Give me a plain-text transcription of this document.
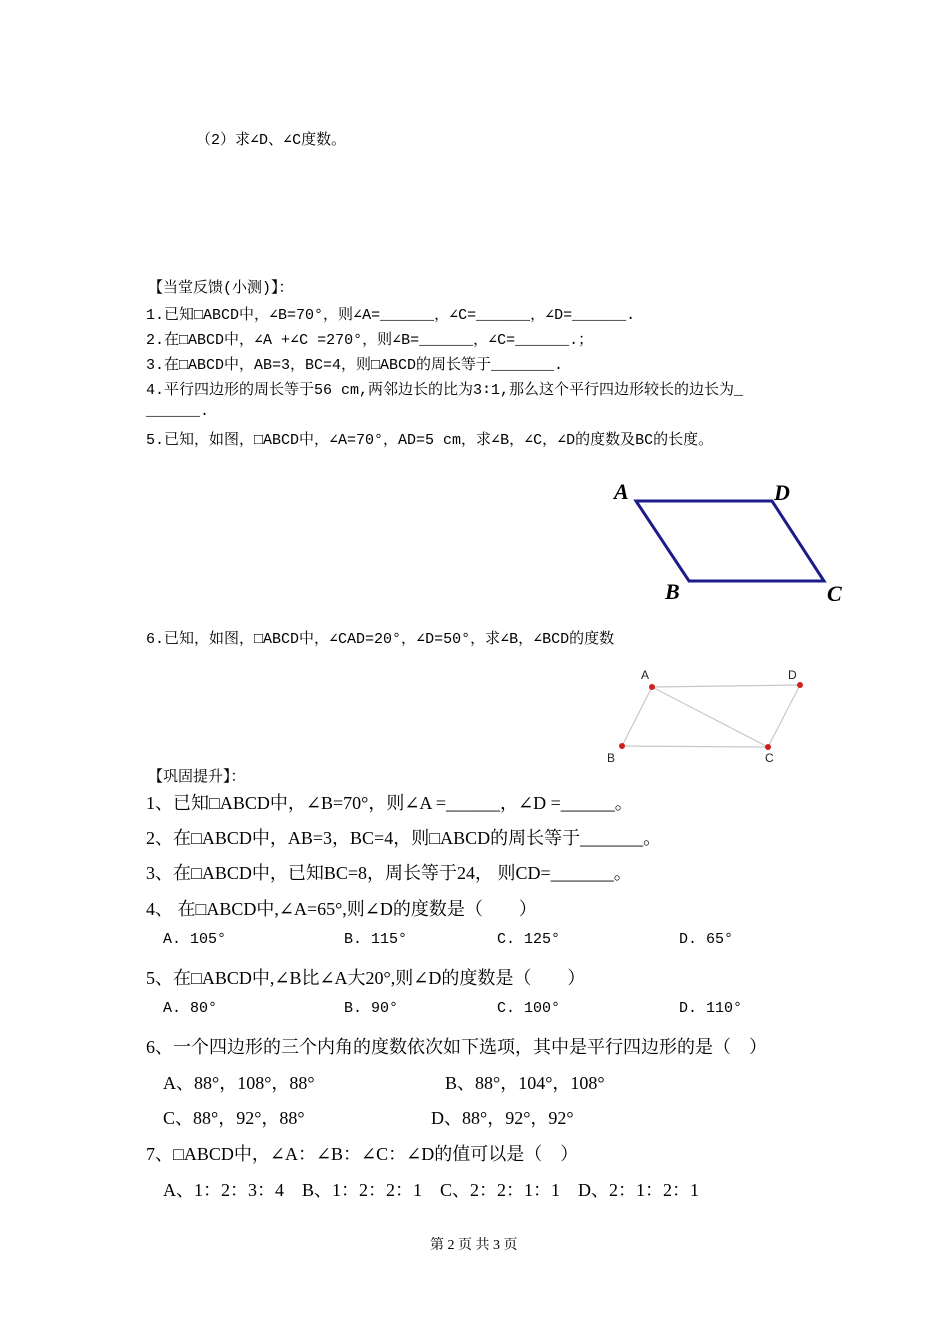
（2）求∠D、∠C度数。
【当堂反馈(小测)】：
1.已知□ABCD中，∠B=70°，则∠A=______，∠C=______，∠D=______.
2.在□ABCD中，∠A +∠C =270°，则∠B=______，∠C=______.；
3.在□ABCD中，AB=3，BC=4，则□ABCD的周长等于_______.
4.平行四边形的周长等于56 cm,两邻边长的比为3∶1,那么这个平行四边形较长的边长为_
______.
5.已知，如图，□ABCD中，∠A=70°，AD=5 cm，求∠B，∠C，∠D的度数及BC的长度。
A	D
B	C
6.已知，如图，□ABCD中，∠CAD=20°，∠D=50°，求∠B，∠BCD的度数
A	D
B	C
【巩固提升】：
1、已知□ABCD中，∠B=70°，则∠A =______，∠D =______。
2、在□ABCD中，AB=3，BC=4，则□ABCD的周长等于_______。
3、在□ABCD中，已知BC=8，周长等于24， 则CD=_______。
4、 在□ABCD中,∠A=65°,则∠D的度数是（　　）
A. 105°	B. 115°	C. 125°	D. 65°
5、在□ABCD中,∠B比∠A大20°,则∠D的度数是（　　）
A. 80°	B. 90°	C. 100°	D. 110°
6、一个四边形的三个内角的度数依次如下选项，其中是平行四边形的是（　）
A、88°，108°，88°	B、88°，104°，108°
C、88°，92°，88°	D、88°，92°，92°
7、□ABCD中，∠A：∠B：∠C：∠D的值可以是（　）
A、1：2：3：4　B、1：2：2：1　C、2：2：1：1　D、2：1：2：1
第 2 页 共 3 页
